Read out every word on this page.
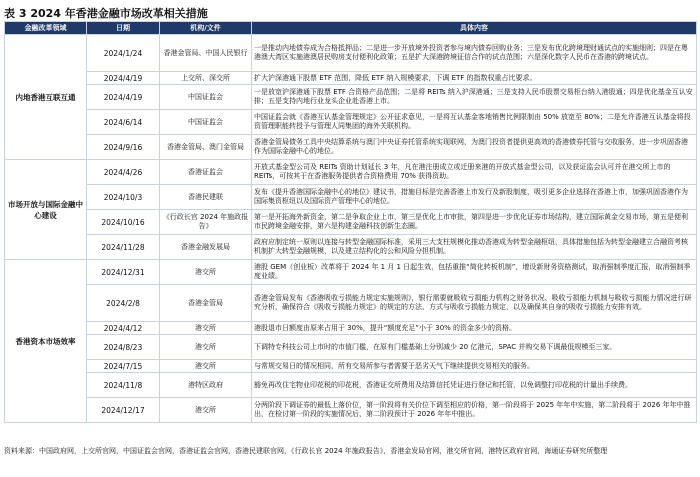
表 3 2024 年香港金融市场改革相关措施
金融改革领域	日期	机构/文件	具体内容
内地香港互联互通	2024/1/24	香港金管局、中国人民银行	一是推动内地债券成为合格抵押品；二是进一步开放境外投资者参与境内债券回购业务；三是发布优化跨境理财通试点的实施细则；四是在粤港澳大湾区实施港澳居民购房支付便利化政策；五是扩大深港跨境征信合作的试点范围；六是深化数字人民币在香港的跨境试点。
	2024/4/19	上交所、深交所	扩大沪深港通下股票 ETF 范围，降低 ETF 纳入规模要求，下调 ETF 的指数权重占比要求。
	2024/4/19	中国证监会	一是放宽沪深港通下股票 ETF 合资格产品范围；二是将 REITs 纳入沪深港通；三是支持人民币股票交易柜台纳入港股通；四是优化基金互认安排；五是支持内地行业龙头企业赴香港上市。
	2024/6/14	中国证监会	中国证监会就《香港互认基金管理规定》公开征求意见，一是将互认基金客地销售比例限制由 50% 放宽至 80%；二是允许香港互认基金将投资管理职能转授予与管理人同集团的海外关联机构。
	2024/9/16	香港金管局、澳门金管局	香港金管局债务工具中央结算系统与澳门中央证券托管系统实现联网，为澳门投资者提供更高效的香港债券托管与交收服务，进一步巩固香港作为国际金融中心的地位。
市场开放与国际金融中心建设	2024/4/26	香港证监会	开放式基金型公司及 REITs 资助计划延长 3 年，凡在港注册成立或迁册来港的开放式基金型公司，以及获证监会认可并在港交所上市的 REITs，可按其于在香港服务提供者合资格费用 70% 获得资助。
	2024/10/3	香港民建联	发布《提升香港国际金融中心的地位》建议书，措施目标是完善香港上市发行及新股制度，吸引更多企业选择在香港上市，加强巩固香港作为国际集资枢纽以及国际资产管理中心的地位。
	2024/10/16	《行政长官 2024 年施政报告》	第一是开拓海外新资金，第二是争取企业上市，第三是优化上市审批，第四是进一步优化证券市场结构，建立国际黄金交易市场，第五是便利市民跨境金融安排，第六是构建金融科技创新生态圈。
	2024/11/28	香港金融发展局	政府应制定统一原则以连接与转型金融国际标准，采用三大支柱规模化推动香港成为转型金融枢纽，具体措施包括为转型金融建立合融资考核机制扩大转型金融规模，以及建立结构化的公和风险分担机制。
香港资本市场效率	2024/12/31	港交所	港股 GEM（创业板）改革将于 2024 年 1 月 1 日起生效，包括重推“简化转板机制”，增设新财务资格测试，取消强制季度汇报，取消强制季度业绩。
	2024/2/8	香港金管局	香港金管局发布《香港吸收亏损能力规定实施规则》，银行需要就吸收亏损能力机构之财务状况、吸收亏损能力机制与吸收亏损能力情况进行研究分析，确保符合《吸收亏损能力规定》的规定的方法、方式与吸收亏损能力规定，以及确保其自身的吸收亏损能力安排有效。
	2024/4/12	港交所	港股退市日额度由原来占用于 30%，提升“额度充足”小于 30% 的资金多少的资格。
	2024/8/23	港交所	下调特专科技公司上市时的市值门槛，在原有门槛基础上分别减少 20 亿港元，SPAC 并购交易下调最低规模至三家。
	2024/7/15	港交所	与常规交易日的情况相同，所有交易所参与者需要于恶劣天气下继续提供交易相关的服务。
	2024/11/8	港特区政府	豁免再改住宅物业印花税的印花税，香港证交所费用及结算信托凭证进行登记和托管，以免调整打印花税的计量出手续费。
	2024/12/17	港交所	分两阶段下调证券的最低上落价位，第一阶段将有关价位下调至相应的价格，第一阶段将于 2025 年年中实施，第二阶段将于 2026 年年中推出，在检讨第一阶段的实施情况后，第二阶段预计于 2026 年年中推出。
资料来源：中国政府网，上交所官网，中国证监会官网，香港证监会官网，香港民建联官网，《行政长官 2024 年施政报告》，香港金发局官网，港交所官网，港特区政府官网，海通证券研究所整理
